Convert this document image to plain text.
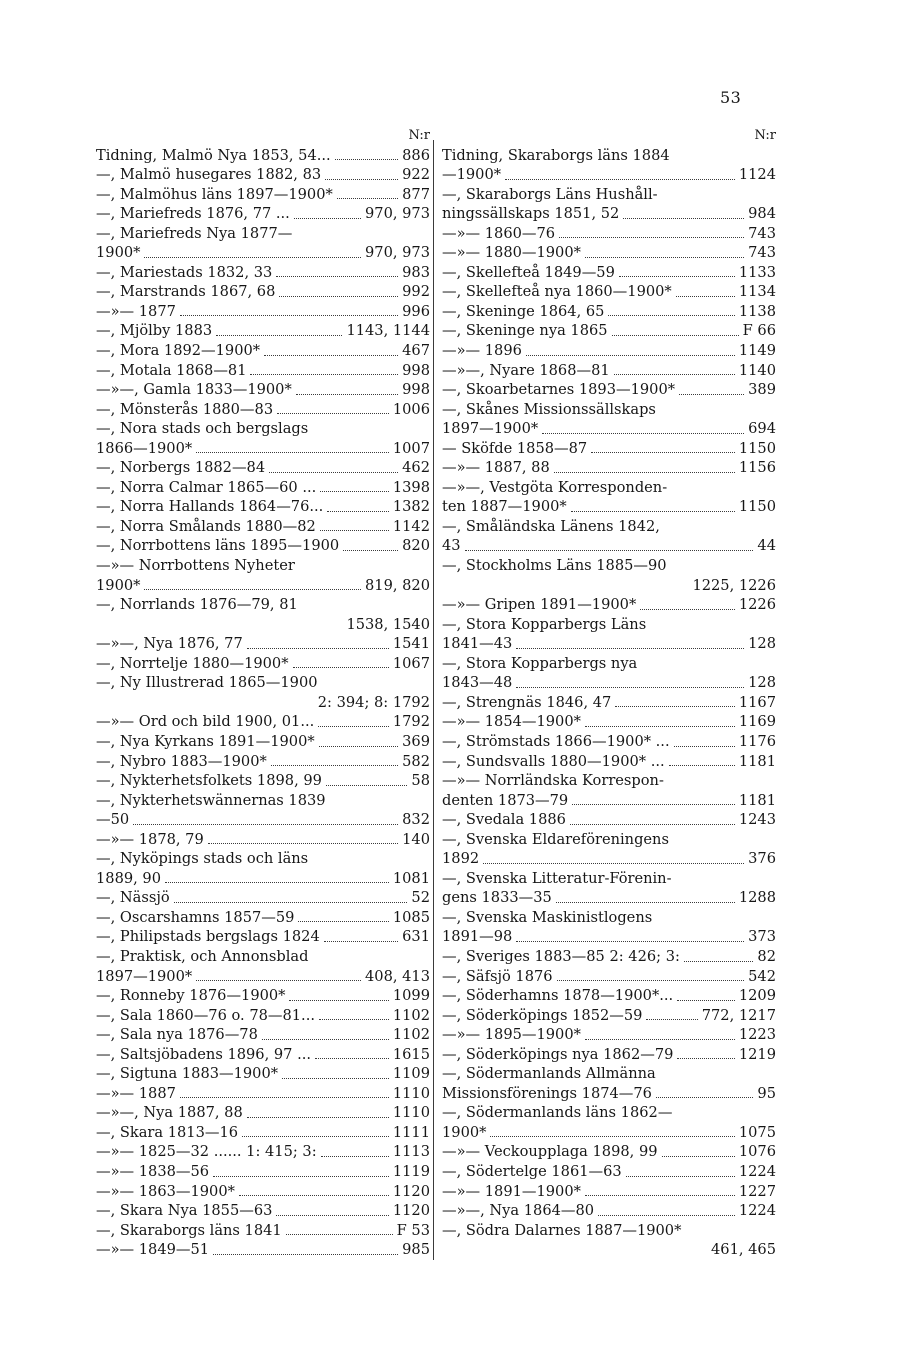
53
N:r
Tidning, Malmö Nya 1853, 54...	886
—, Malmö husegares 1882, 83	922
—, Malmöhus läns 1897—1900*	877
—, Mariefreds 1876, 77 ...	970, 973
—, Mariefreds Nya 1877—
1900*	970, 973
—, Mariestads 1832, 33	983
—, Marstrands 1867, 68	992
—»— 1877	996
—, Mjölby 1883	1143, 1144
—, Mora 1892—1900*	467
—, Motala 1868—81	998
—»—, Gamla 1833—1900*	998
—, Mönsterås 1880—83	1006
—, Nora stads och bergslags
1866—1900*	1007
—, Norbergs 1882—84	462
—, Norra Calmar 1865—60 ...	1398
—, Norra Hallands 1864—76...	1382
—, Norra Smålands 1880—82	1142
—, Norrbottens läns 1895—1900	820
—»— Norrbottens Nyheter
1900*	819, 820
—, Norrlands 1876—79, 81
1538, 1540
—»—, Nya 1876, 77	1541
—, Norrtelje 1880—1900*	1067
—, Ny Illustrerad 1865—1900
2: 394; 8: 1792
—»— Ord och bild 1900, 01...	1792
—, Nya Kyrkans 1891—1900*	369
—, Nybro 1883—1900*	582
—, Nykterhetsfolkets 1898, 99	58
—, Nykterhetswännernas 1839
—50	832
—»— 1878, 79	140
—, Nyköpings stads och läns
1889, 90	1081
—, Nässjö	52
—, Oscarshamns 1857—59	1085
—, Philipstads bergslags 1824	631
—, Praktisk, och Annonsblad
1897—1900*	408, 413
—, Ronneby 1876—1900*	1099
—, Sala 1860—76 o. 78—81...	1102
—, Sala nya 1876—78	1102
—, Saltsjöbadens 1896, 97 ...	1615
—, Sigtuna 1883—1900*	1109
—»— 1887	1110
—»—, Nya 1887, 88	1110
—, Skara 1813—16	1111
—»— 1825—32 ...... 1: 415; 3:	1113
—»— 1838—56	1119
—»— 1863—1900*	1120
—, Skara Nya 1855—63	1120
—, Skaraborgs läns 1841	F 53
—»— 1849—51	985
N:r
Tidning, Skaraborgs läns 1884
—1900*	1124
—, Skaraborgs Läns Hushåll-
ningssällskaps 1851, 52	984
—»— 1860—76	743
—»— 1880—1900*	743
—, Skellefteå 1849—59	1133
—, Skellefteå nya 1860—1900*	1134
—, Skeninge 1864, 65	1138
—, Skeninge nya 1865	F 66
—»— 1896	1149
—»—, Nyare 1868—81	1140
—, Skoarbetarnes 1893—1900*	389
—, Skånes Missionssällskaps
1897—1900*	694
— Sköfde 1858—87	1150
—»— 1887, 88	1156
—»—, Vestgöta Korresponden-
ten 1887—1900*	1150
—, Småländska Länens 1842,
43	44
—, Stockholms Läns 1885—90
1225, 1226
—»— Gripen 1891—1900*	1226
—, Stora Kopparbergs Läns
1841—43	128
—, Stora Kopparbergs nya
1843—48	128
—, Strengnäs 1846, 47	1167
—»— 1854—1900*	1169
—, Strömstads 1866—1900* ...	1176
—, Sundsvalls 1880—1900* ...	1181
—»— Norrländska Korrespon-
denten 1873—79	1181
—, Svedala 1886	1243
—, Svenska Eldareföreningens
1892	376
—, Svenska Litteratur-Förenin-
gens 1833—35	1288
—, Svenska Maskinistlogens
1891—98	373
—, Sveriges 1883—85 2: 426; 3:	82
—, Säfsjö 1876	542
—, Söderhamns 1878—1900*...	1209
—, Söderköpings 1852—59	772, 1217
—»— 1895—1900*	1223
—, Söderköpings nya 1862—79	1219
—, Södermanlands Allmänna
Missionsförenings 1874—76	95
—, Södermanlands läns 1862—
1900*	1075
—»— Veckoupplaga 1898, 99	1076
—, Södertelge 1861—63	1224
—»— 1891—1900*	1227
—»—, Nya 1864—80	1224
—, Södra Dalarnes 1887—1900*
461, 465
